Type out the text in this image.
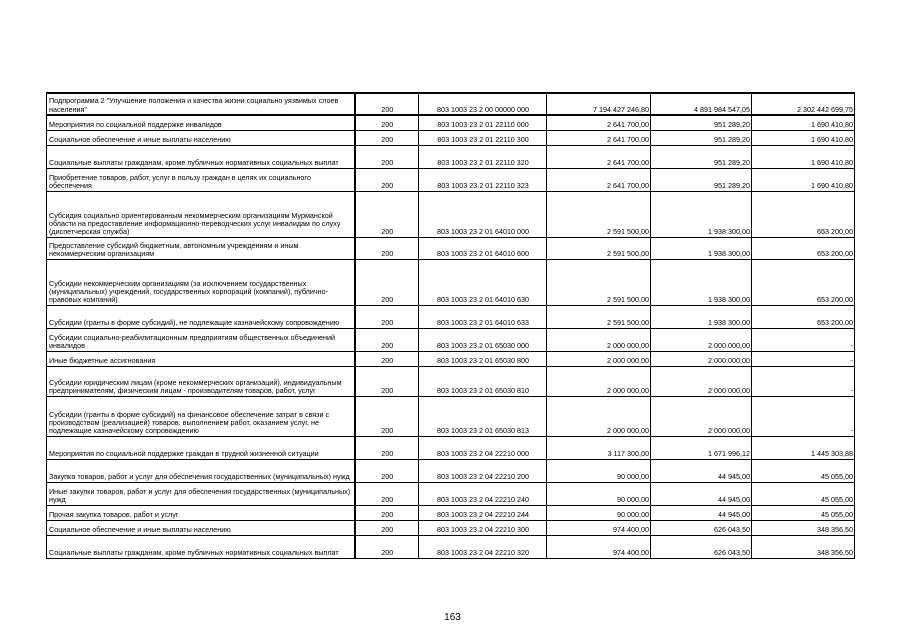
Подпрограмма 2 "Улучшение положения и качества жизни социально уязвимых слоев населения"	200	803 1003 23 2 00 00000 000	7 194 427 246,80	4 891 984 547,05	2 302 442 699,75
Мероприятия по социальной поддержке инвалидов	200	803 1003 23 2 01 22110 000	2 641 700,00	951 289,20	1 690 410,80
Социальное обеспечение и иные выплаты населению	200	803 1003 23 2 01 22110 300	2 641 700,00	951 289,20	1 690 410,80
Социальные выплаты гражданам, кроме публичных нормативных социальных выплат	200	803 1003 23 2 01 22110 320	2 641 700,00	951 289,20	1 690 410,80
Приобретение товаров, работ, услуг в пользу граждан в целях их социального обеспечения	200	803 1003 23 2 01 22110 323	2 641 700,00	951 289,20	1 690 410,80
Субсидия социально ориентированным некоммерческим организациям Мурманской области на предоставление информационно-переводческих услуг инвалидам по слуху (диспетчерская служба)	200	803 1003 23 2 01 64010 000	2 591 500,00	1 938 300,00	653 200,00
Предоставление субсидий бюджетным, автономным учреждениям и иным некоммерческим организациям	200	803 1003 23 2 01 64010 600	2 591 500,00	1 938 300,00	653 200,00
Субсидии некоммерческим организациям (за исключением государственных (муниципальных) учреждений, государственных корпораций (компаний), публично-правовых компаний)	200	803 1003 23 2 01 64010 630	2 591 500,00	1 938 300,00	653 200,00
Субсидии (гранты в форме субсидий), не подлежащие казначейскому сопровождению	200	803 1003 23 2 01 64010 633	2 591 500,00	1 938 300,00	653 200,00
Субсидии социально-реабилитационным предприятиям общественных объединений инвалидов	200	803 1003 23 2 01 65030 000	2 000 000,00	2 000 000,00	-
Иные бюджетные ассигнования	200	803 1003 23 2 01 65030 800	2 000 000,00	2 000 000,00	-
Субсидии юридическим лицам (кроме некоммерческих организаций), индивидуальным предпринимателям, физическим лицам - производителям товаров, работ, услуг	200	803 1003 23 2 01 65030 810	2 000 000,00	2 000 000,00	-
Субсидии (гранты в форме субсидий) на финансовое обеспечение затрат в связи с производством (реализацией) товаров, выполнением работ, оказанием услуг, не подлежащие казначейскому сопровождению	200	803 1003 23 2 01 65030 813	2 000 000,00	2 000 000,00	-
Мероприятия по социальной поддержке граждан в трудной жизненной ситуации	200	803 1003 23 2 04 22210 000	3 117 300,00	1 671 996,12	1 445 303,88
Закупка товаров, работ и услуг для обеспечения государственных (муниципальных) нужд	200	803 1003 23 2 04 22210 200	90 000,00	44 945,00	45 055,00
Иные закупки товаров, работ и услуг для обеспечения государственных (муниципальных) нужд	200	803 1003 23 2 04 22210 240	90 000,00	44 945,00	45 055,00
Прочая закупка товаров, работ и услуг	200	803 1003 23 2 04 22210 244	90 000,00	44 945,00	45 055,00
Социальное обеспечение и иные выплаты населению	200	803 1003 23 2 04 22210 300	974 400,00	626 043,50	348 356,50
Социальные выплаты гражданам, кроме публичных нормативных социальных выплат	200	803 1003 23 2 04 22210 320	974 400,00	626 043,50	348 356,50
163
